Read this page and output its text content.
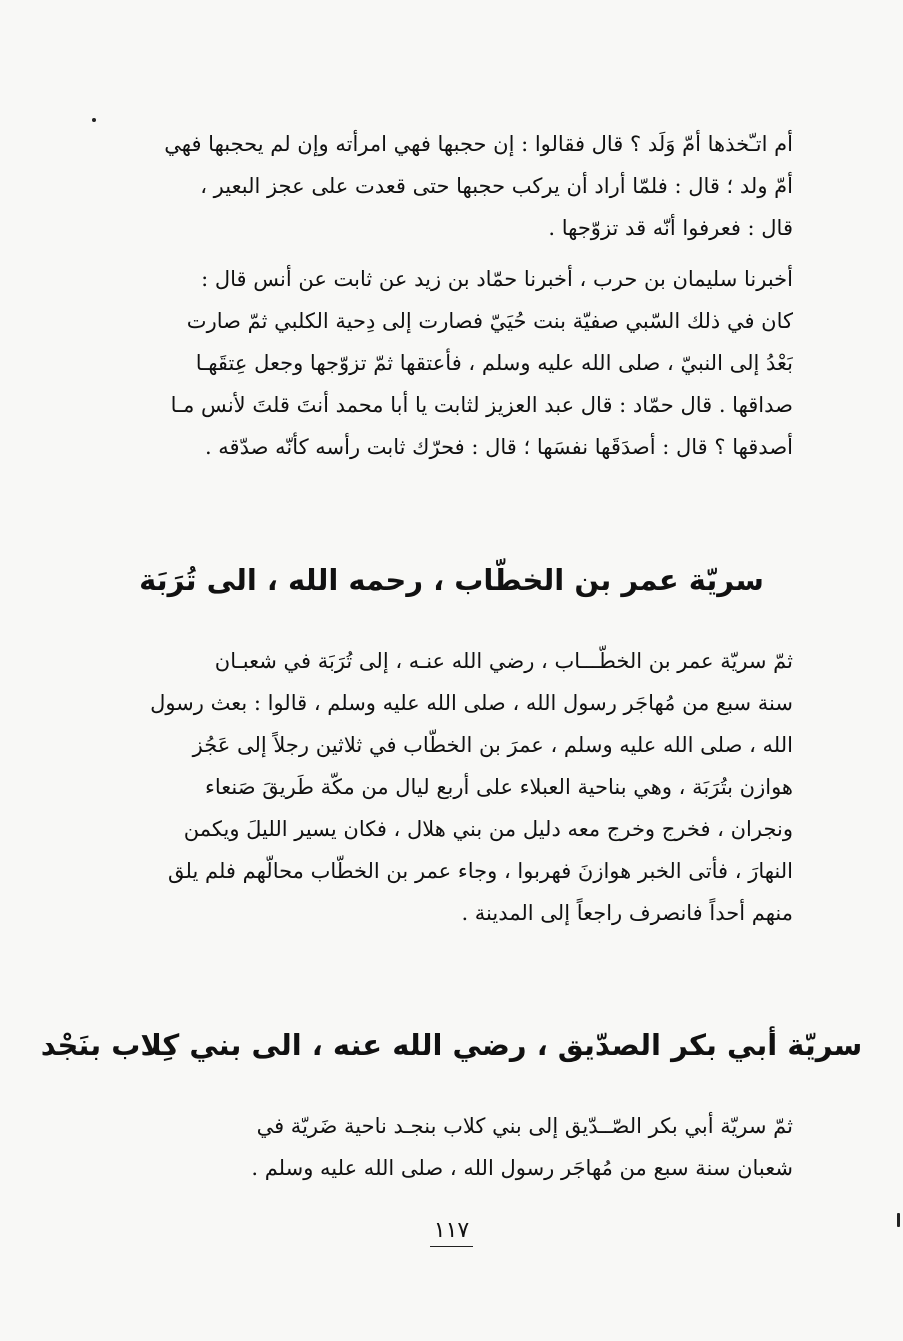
أم اتـّخذها أمّ وَلَد ؟ قال فقالوا : إن حجبها فهي امرأته وإن لم يحجبها فهي
أمّ ولد ؛ قال : فلمّا أراد أن يركب حجبها حتى قعدت على عجز البعير ،
قال : فعرفوا أنّه قد تزوّجها .

أخبرنا سليمان بن حرب ، أخبرنا حمّاد بن زيد عن ثابت عن أنس قال :
كان في ذلك السّبي صفيّة بنت حُيَيّ فصارت إلى دِحية الكلبي ثمّ صارت
بَعْدُ إلى النبيّ ، صلى الله عليه وسلم ، فأعتقها ثمّ تزوّجها وجعل عِتقَهـا
صداقها . قال حمّاد : قال عبد العزيز لثابت يا أبا محمد أنتَ قلتَ لأنس مـا
أصدقها ؟ قال : أصدَقَها نفسَها ؛ قال : فحرّك ثابت رأسه كأنّه صدّقه .

سريّة عمر بن الخطّاب ، رحمه الله ، الى تُرَبَة

ثمّ سريّة عمر بن الخطّـــاب ، رضي الله عنـه ، إلى تُرَبَة في شعبـان
سنة سبع من مُهاجَر رسول الله ، صلى الله عليه وسلم ، قالوا : بعث رسول
الله ، صلى الله عليه وسلم ، عمرَ بن الخطّاب في ثلاثين رجلاً إلى عَجُز
هوازن بتُرَبَة ، وهي بناحية العبلاء على أربع ليال من مكّة طَريقَ صَنعاء
ونجران ، فخرج وخرج معه دليل من بني هلال ، فكان يسير الليلَ ويكمن
النهارَ ، فأتى الخبر هوازنَ فهربوا ، وجاء عمر بن الخطّاب محالّهم فلم يلق
منهم أحداً فانصرف راجعاً إلى المدينة .

سريّة أبي بكر الصدّيق ، رضي الله عنه ، الى بني كِلاب بنَجْد

ثمّ سريّة أبي بكر الصّــدّيق إلى بني كلاب بنجـد ناحية ضَريّة في
شعبان سنة سبع من مُهاجَر رسول الله ، صلى الله عليه وسلم .

١١٧
